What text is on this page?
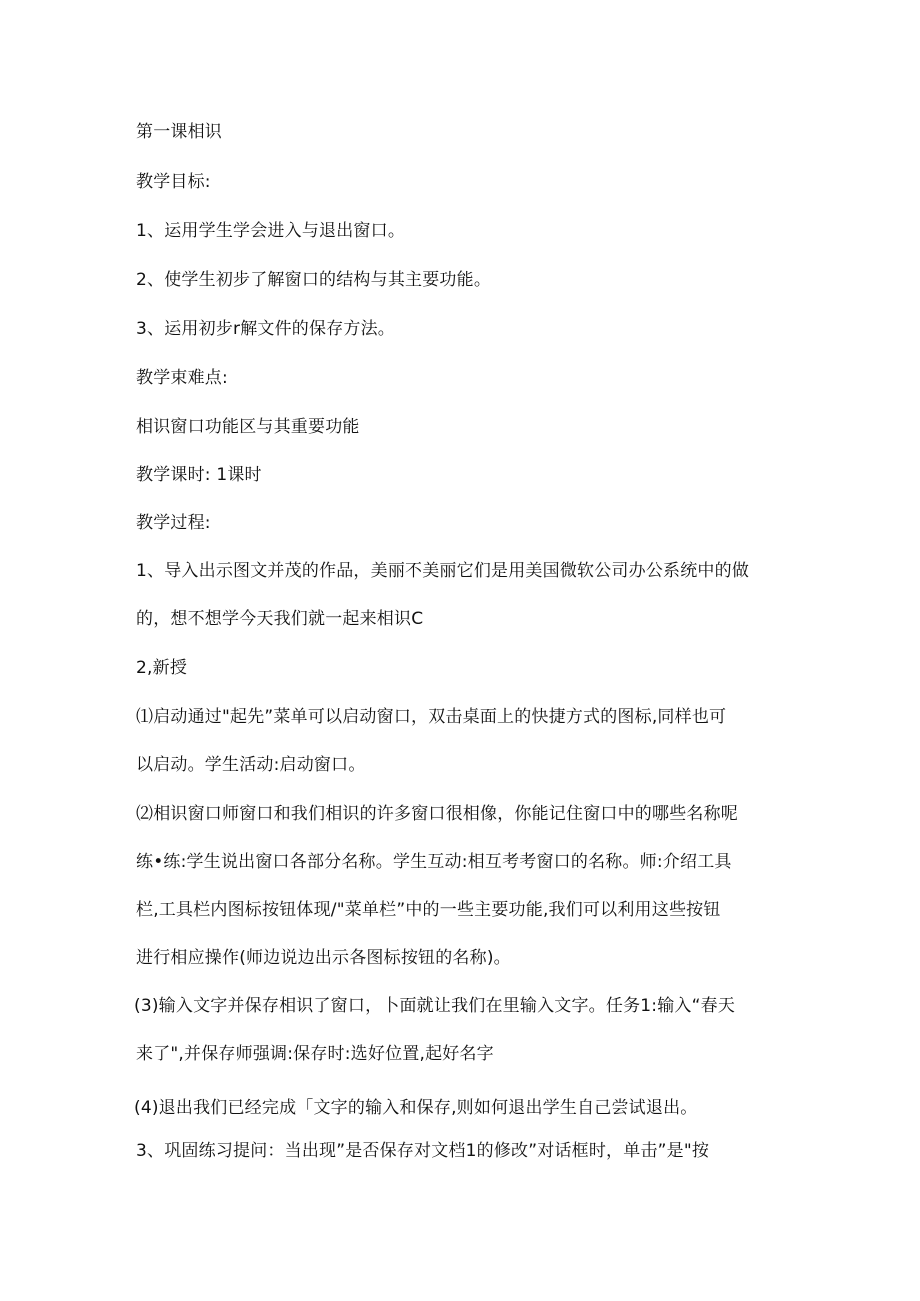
第一课相识
教学目标:
1、运用学生学会进入与退出窗口。
2、使学生初步了解窗口的结构与其主要功能。
3、运用初步r解文件的保存方法。
教学束难点:
相识窗口功能区与其重要功能
教学课时: 1课时
教学过程:
1、导入出示图文并茂的作品，美丽不美丽它们是用美国微软公司办公系统中的做
的，想不想学今天我们就一起来相识C
2,新授
⑴启动通过"起先”菜单可以启动窗口，双击桌面上的快捷方式的图标,同样也可
以启动。学生活动:启动窗口。
⑵相识窗口师窗口和我们相识的许多窗口很相像，你能记住窗口中的哪些名称呢
练•练:学生说出窗口各部分名称。学生互动:相互考考窗口的名称。师:介绍工具
栏,工具栏内图标按钮体现/"菜单栏”中的一些主要功能,我们可以利用这些按钮
进行相应操作(师边说边出示各图标按钮的名称)。
(3)输入文字并保存相识了窗口，卜面就让我们在里输入文字。任务1:输入“春天
来了",并保存师强调:保存时:选好位置,起好名字
(4)退出我们已经完成「文字的输入和保存,则如何退出学生自己尝试退出。
3、巩固练习提问：当出现”是否保存对文档1的修改”对话框时，单击”是"按
